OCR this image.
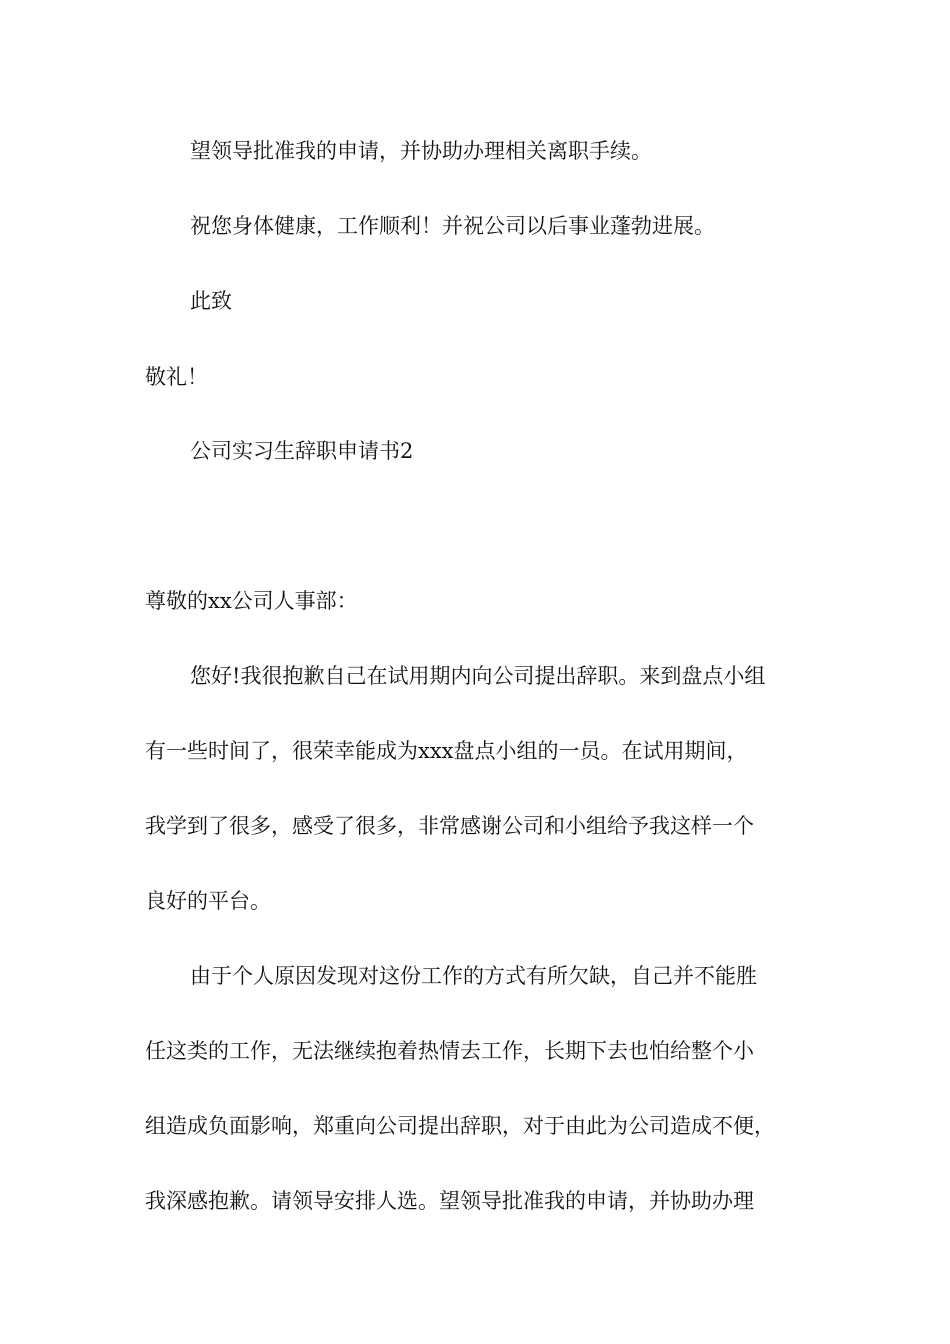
望领导批准我的申请，并协助办理相关离职手续。

祝您身体健康，工作顺利！并祝公司以后事业蓬勃进展。

此致

敬礼！

公司实习生辞职申请书2

尊敬的xx公司人事部：

您好!我很抱歉自己在试用期内向公司提出辞职。来到盘点小组

有一些时间了，很荣幸能成为xxx盘点小组的一员。在试用期间，

我学到了很多，感受了很多，非常感谢公司和小组给予我这样一个

良好的平台。

由于个人原因发现对这份工作的方式有所欠缺，自己并不能胜

任这类的工作，无法继续抱着热情去工作，长期下去也怕给整个小

组造成负面影响，郑重向公司提出辞职，对于由此为公司造成不便，

我深感抱歉。请领导安排人选。望领导批准我的申请，并协助办理
